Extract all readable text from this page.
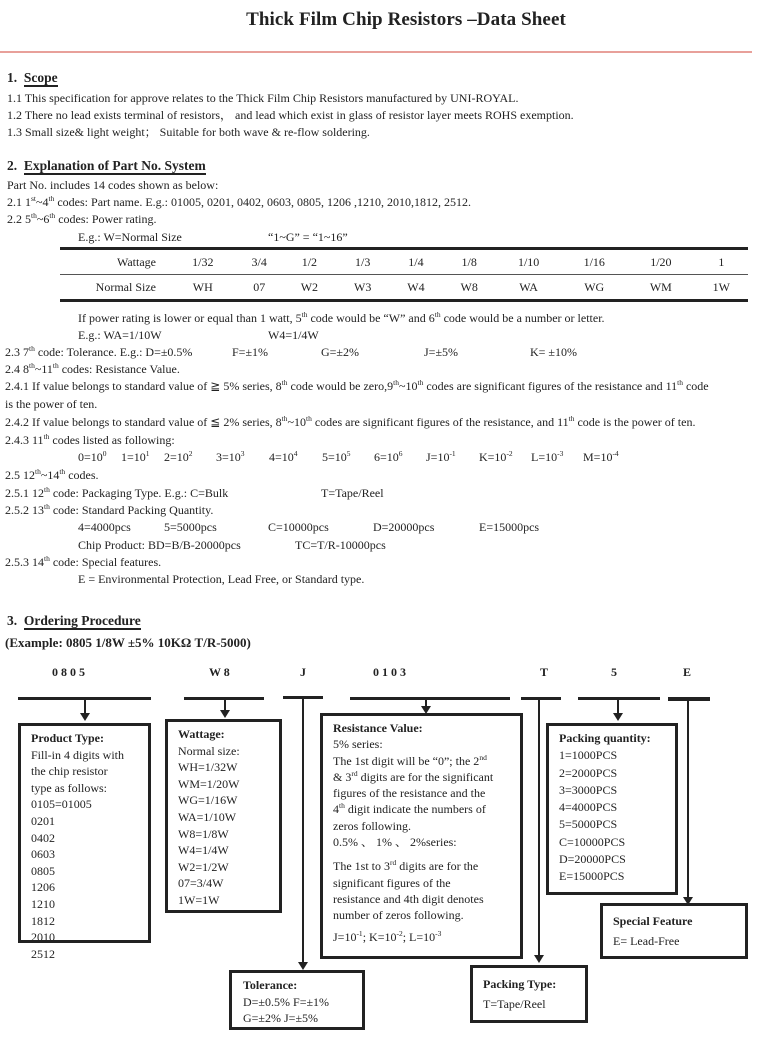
Thick Film Chip Resistors –Data Sheet
1. Scope
1.1 This specification for approve relates to the Thick Film Chip Resistors manufactured by UNI-ROYAL.
1.2 There no lead exists terminal of resistors， and lead which exist in glass of resistor layer meets ROHS exemption.
1.3 Small size& light weight； Suitable for both wave & re-flow soldering.
2. Explanation of Part No. System
Part No. includes 14 codes shown as below:
2.1 1st~4th codes: Part name. E.g.: 01005, 0201, 0402, 0603, 0805, 1206 ,1210, 2010,1812, 2512.
2.2 5th~6th codes: Power rating.
E.g.: W=Normal Size	“1~G” = “1~16”
Wattage	1/32	3/4	1/2	1/3	1/4	1/8	1/10	1/16	1/20	1
Normal Size	WH	07	W2	W3	W4	W8	WA	WG	WM	1W
If power rating is lower or equal than 1 watt, 5th code would be “W” and 6th code would be a number or letter.
E.g.: WA=1/10W	W4=1/4W
2.3 7th code: Tolerance. E.g.: D=±0.5%	F=±1%	G=±2%	J=±5%	K= ±10%
2.4 8th~11th codes: Resistance Value.
2.4.1 If value belongs to standard value of ≧ 5% series, 8th code would be zero,9th~10th codes are significant figures of the resistance and 11th code
is the power of ten.
2.4.2 If value belongs to standard value of ≦ 2% series, 8th~10th codes are significant figures of the resistance, and 11th code is the power of ten.
2.4.3 11th codes listed as following:
$0=10^0$ $1=10^1$ $2=10^2$ $3=10^3$ $4=10^4$ $5=10^5$ $6=10^6$ $J=10^{-1}$ $K=10^{-2}$ $L=10^{-3}$ $M=10^{-4}$
2.5 12th~14th codes.
2.5.1 12th code: Packaging Type. E.g.: C=Bulk	T=Tape/Reel
2.5.2 13th code: Standard Packing Quantity.
4=4000pcs	5=5000pcs	C=10000pcs	D=20000pcs	E=15000pcs
Chip Product: BD=B/B-20000pcs	TC=T/R-10000pcs
2.5.3 14th code: Special features.
E = Environmental Protection, Lead Free, or Standard type.
3. Ordering Procedure
(Example: 0805 1/8W ±5% 10KΩ T/R-5000)
0 8 0 5	W 8	J	0 1 0 3	T	5	E
Product Type:
Fill-in 4 digits with
the chip resistor
type as follows:
0105=01005
0201
0402
0603
0805
1206
1210
1812
2010
2512
Wattage:
Normal size:
WH=1/32W
WM=1/20W
WG=1/16W
WA=1/10W
W8=1/8W
W4=1/4W
W2=1/2W
07=3/4W
1W=1W
Resistance Value:
5% series:
The 1st digit will be “0”; the 2nd
& 3rd digits are for the significant
figures of the resistance and the
4th digit indicate the numbers of
zeros following.
0.5% 、 1% 、 2%series:
The 1st to 3rd digits are for the
significant figures of the
resistance and 4th digit denotes
number of zeros following.
$J=10^{-1}$; $K=10^{-2}$; $L=10^{-3}$
Packing quantity:
1=1000PCS
2=2000PCS
3=3000PCS
4=4000PCS
5=5000PCS
C=10000PCS
D=20000PCS
E=15000PCS
Special Feature
E= Lead-Free
Tolerance:
D=±0.5% F=±1%
G=±2% J=±5%
Packing Type:
T=Tape/Reel
